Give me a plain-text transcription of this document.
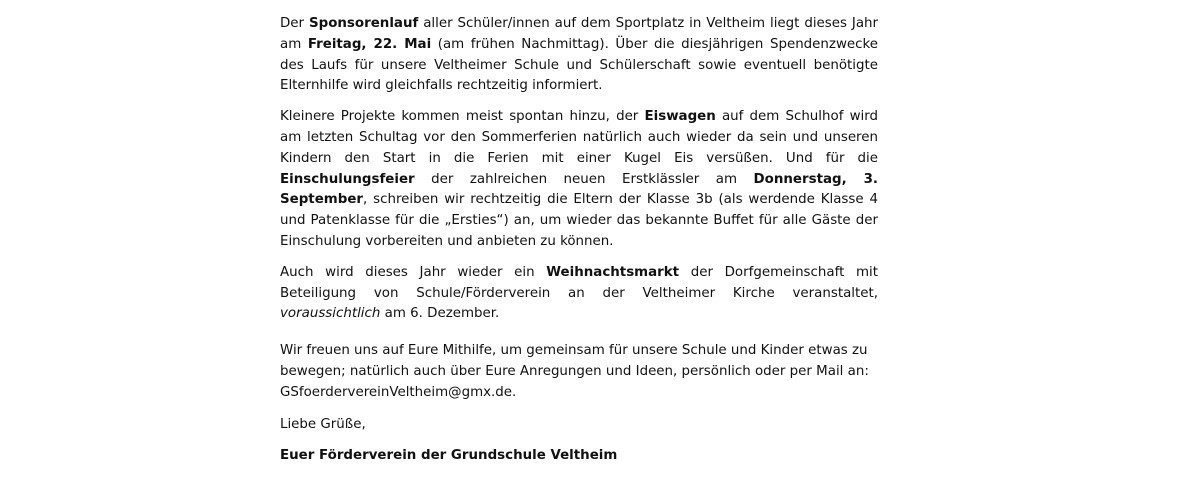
Der Sponsorenlauf aller Schüler/innen auf dem Sportplatz in Veltheim liegt dieses Jahr am Freitag, 22. Mai (am frühen Nachmittag). Über die diesjährigen Spendenzwecke des Laufs für unsere Veltheimer Schule und Schülerschaft sowie eventuell benötigte Elternhilfe wird gleichfalls rechtzeitig informiert.

Kleinere Projekte kommen meist spontan hinzu, der Eiswagen auf dem Schulhof wird am letzten Schultag vor den Sommerferien natürlich auch wieder da sein und unseren Kindern den Start in die Ferien mit einer Kugel Eis versüßen. Und für die Einschulungsfeier der zahlreichen neuen Erstklässler am Donnerstag, 3. September, schreiben wir rechtzeitig die Eltern der Klasse 3b (als werdende Klasse 4 und Patenklasse für die „Ersties“) an, um wieder das bekannte Buffet für alle Gäste der Einschulung vorbereiten und anbieten zu können.

Auch wird dieses Jahr wieder ein Weihnachtsmarkt der Dorfgemeinschaft mit Beteiligung von Schule/Förderverein an der Veltheimer Kirche veranstaltet, voraussichtlich am 6. Dezember.

Wir freuen uns auf Eure Mithilfe, um gemeinsam für unsere Schule und Kinder etwas zu bewegen; natürlich auch über Eure Anregungen und Ideen, persönlich oder per Mail an: GSfoerdervereinVeltheim@gmx.de.

Liebe Grüße,

Euer Förderverein der Grundschule Veltheim
